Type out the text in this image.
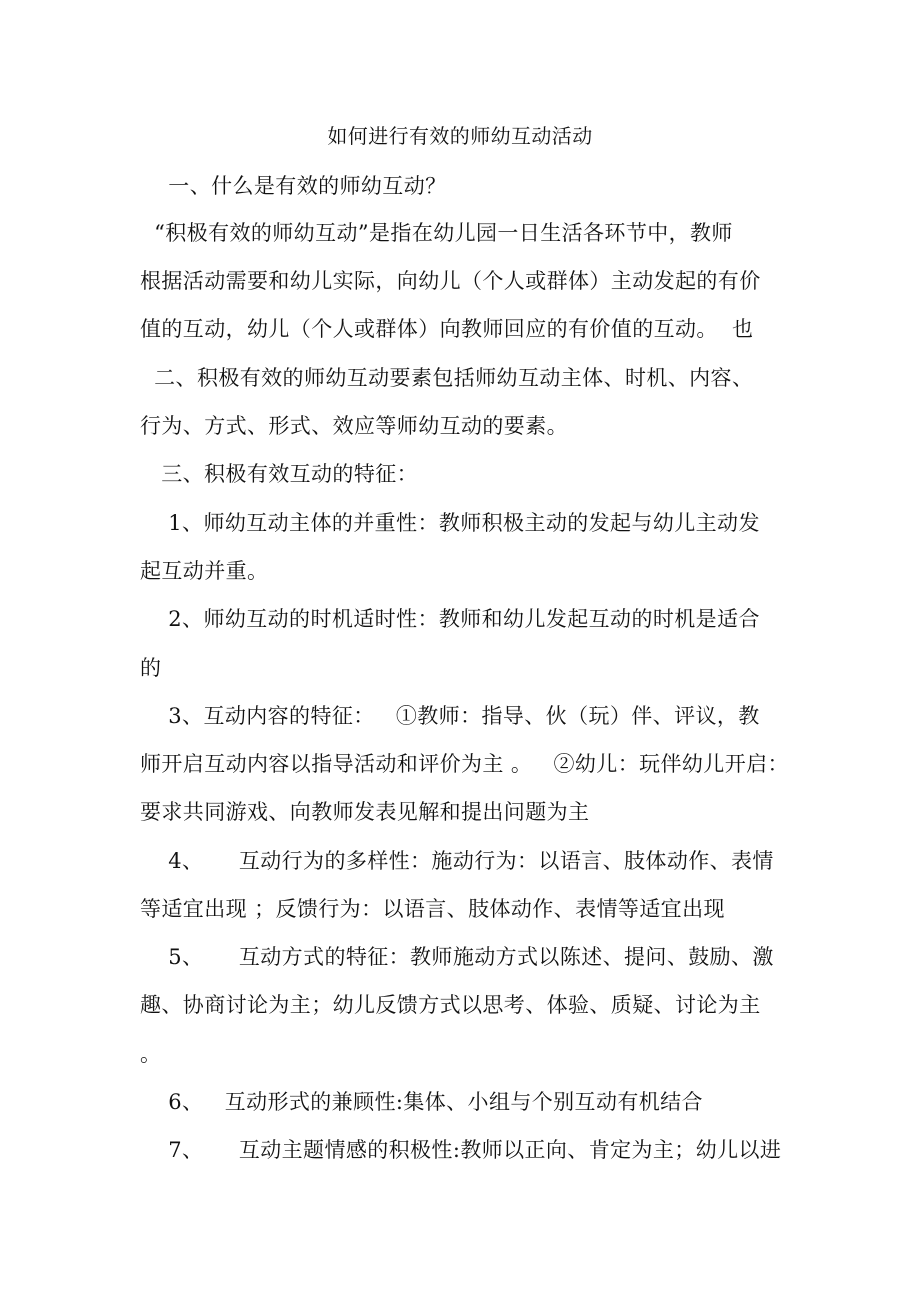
如何进行有效的师幼互动活动
一、什么是有效的师幼互动？
“积极有效的师幼互动”是指在幼儿园一日生活各环节中，教师
根据活动需要和幼儿实际，向幼儿（个人或群体）主动发起的有价
值的互动，幼儿（个人或群体）向教师回应的有价值的互动。  也
二、积极有效的师幼互动要素包括师幼互动主体、时机、内容、
行为、方式、形式、效应等师幼互动的要素。
三、积极有效互动的特征：
1、师幼互动主体的并重性：教师积极主动的发起与幼儿主动发
起互动并重。
2、师幼互动的时机适时性：教师和幼儿发起互动的时机是适合
的
3、互动内容的特征：   ①教师：指导、伙（玩）伴、评议，教
师开启互动内容以指导活动和评价为主 。   ②幼儿：玩伴幼儿开启：
要求共同游戏、向教师发表见解和提出问题为主
4、     互动行为的多样性：施动行为：以语言、肢体动作、表情
等适宜出现 ；反馈行为：以语言、肢体动作、表情等适宜出现
5、     互动方式的特征：教师施动方式以陈述、提问、鼓励、激
趣、协商讨论为主；幼儿反馈方式以思考、体验、质疑、讨论为主
。
6、   互动形式的兼顾性:集体、小组与个别互动有机结合
7、     互动主题情感的积极性:教师以正向、肯定为主；幼儿以进
